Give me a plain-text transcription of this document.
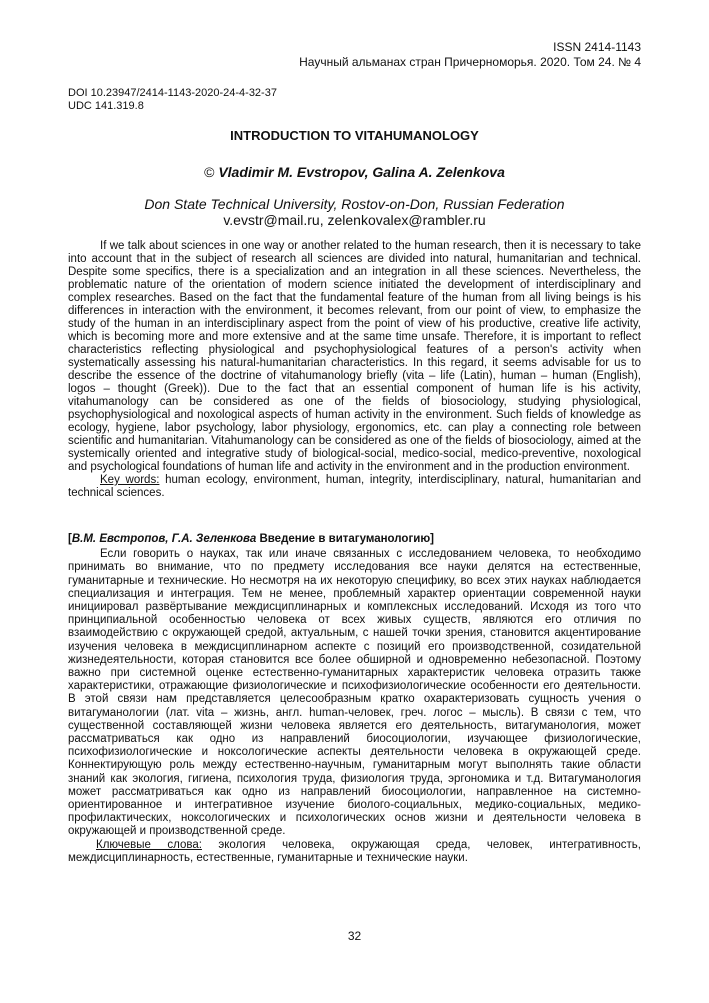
ISSN 2414-1143
Научный альманах стран Причерноморья. 2020. Том 24. № 4
DOI 10.23947/2414-1143-2020-24-4-32-37
UDC 141.319.8
INTRODUCTION TO VITAHUMANOLOGY
© Vladimir M. Evstropov, Galina A. Zelenkova
Don State Technical University, Rostov-on-Don, Russian Federation
v.evstr@mail.ru, zelenkovalex@rambler.ru

If we talk about sciences in one way or another related to the human research, then it is necessary to take into account that in the subject of research all sciences are divided into natural, humanitarian and technical. Despite some specifics, there is a specialization and an integration in all these sciences. Nevertheless, the problematic nature of the orientation of modern science initiated the development of interdisciplinary and complex researches. Based on the fact that the fundamental feature of the human from all living beings is his differences in interaction with the environment, it becomes relevant, from our point of view, to emphasize the study of the human in an interdisciplinary aspect from the point of view of his productive, creative life activity, which is becoming more and more extensive and at the same time unsafe. Therefore, it is important to reflect characteristics reflecting physiological and psychophysiological features of a person's activity when systematically assessing his natural-humanitarian characteristics. In this regard, it seems advisable for us to describe the essence of the doctrine of vitahumanology briefly (vita – life (Latin), human – human (English), logos – thought (Greek)). Due to the fact that an essential component of human life is his activity, vitahumanology can be considered as one of the fields of biosociology, studying physiological, psychophysiological and noxological aspects of human activity in the environment. Such fields of knowledge as ecology, hygiene, labor psychology, labor physiology, ergonomics, etc. can play a connecting role between scientific and humanitarian. Vitahumanology can be considered as one of the fields of biosociology, aimed at the systemically oriented and integrative study of biological-social, medico-social, medico-preventive, noxological and psychological foundations of human life and activity in the environment and in the production environment.

Key words: human ecology, environment, human, integrity, interdisciplinary, natural, humanitarian and technical sciences.

[В.М. Евстропов, Г.А. Зеленкова Введение в витагуманологию]

Если говорить о науках, так или иначе связанных с исследованием человека, то необходимо принимать во внимание, что по предмету исследования все науки делятся на естественные, гуманитарные и технические. Но несмотря на их некоторую специфику, во всех этих науках наблюдается специализация и интеграция. Тем не менее, проблемный характер ориентации современной науки инициировал развёртывание междисциплинарных и комплексных исследований. Исходя из того что принципиальной особенностью человека от всех живых существ, являются его отличия по взаимодействию с окружающей средой, актуальным, с нашей точки зрения, становится акцентирование изучения человека в междисциплинарном аспекте с позиций его производственной, созидательной жизнедеятельности, которая становится все более обширной и одновременно небезопасной. Поэтому важно при системной оценке естественно-гуманитарных характеристик человека отразить также характеристики, отражающие физиологические и психофизиологические особенности его деятельности. В этой связи нам представляется целесообразным кратко охарактеризовать сущность учения о витагуманологии (лат. vita – жизнь, англ. human-человек, греч. логос – мысль). В связи с тем, что существенной составляющей жизни человека является его деятельность, витагуманология, может рассматриваться как одно из направлений биосоциологии, изучающее физиологические, психофизиологические и ноксологические аспекты деятельности человека в окружающей среде. Коннектирующую роль между естественно-научным, гуманитарным могут выполнять такие области знаний как экология, гигиена, психология труда, физиология труда, эргономика и т.д. Витагуманология может рассматриваться как одно из направлений биосоциологии, направленное на системно-ориентированное и интегративное изучение биолого-социальных, медико-социальных, медико-профилактических, ноксологических и психологических основ жизни и деятельности человека в окружающей и производственной среде.

Ключевые слова: экология человека, окружающая среда, человек, интегративность, междисциплинарность, естественные, гуманитарные и технические науки.

32
